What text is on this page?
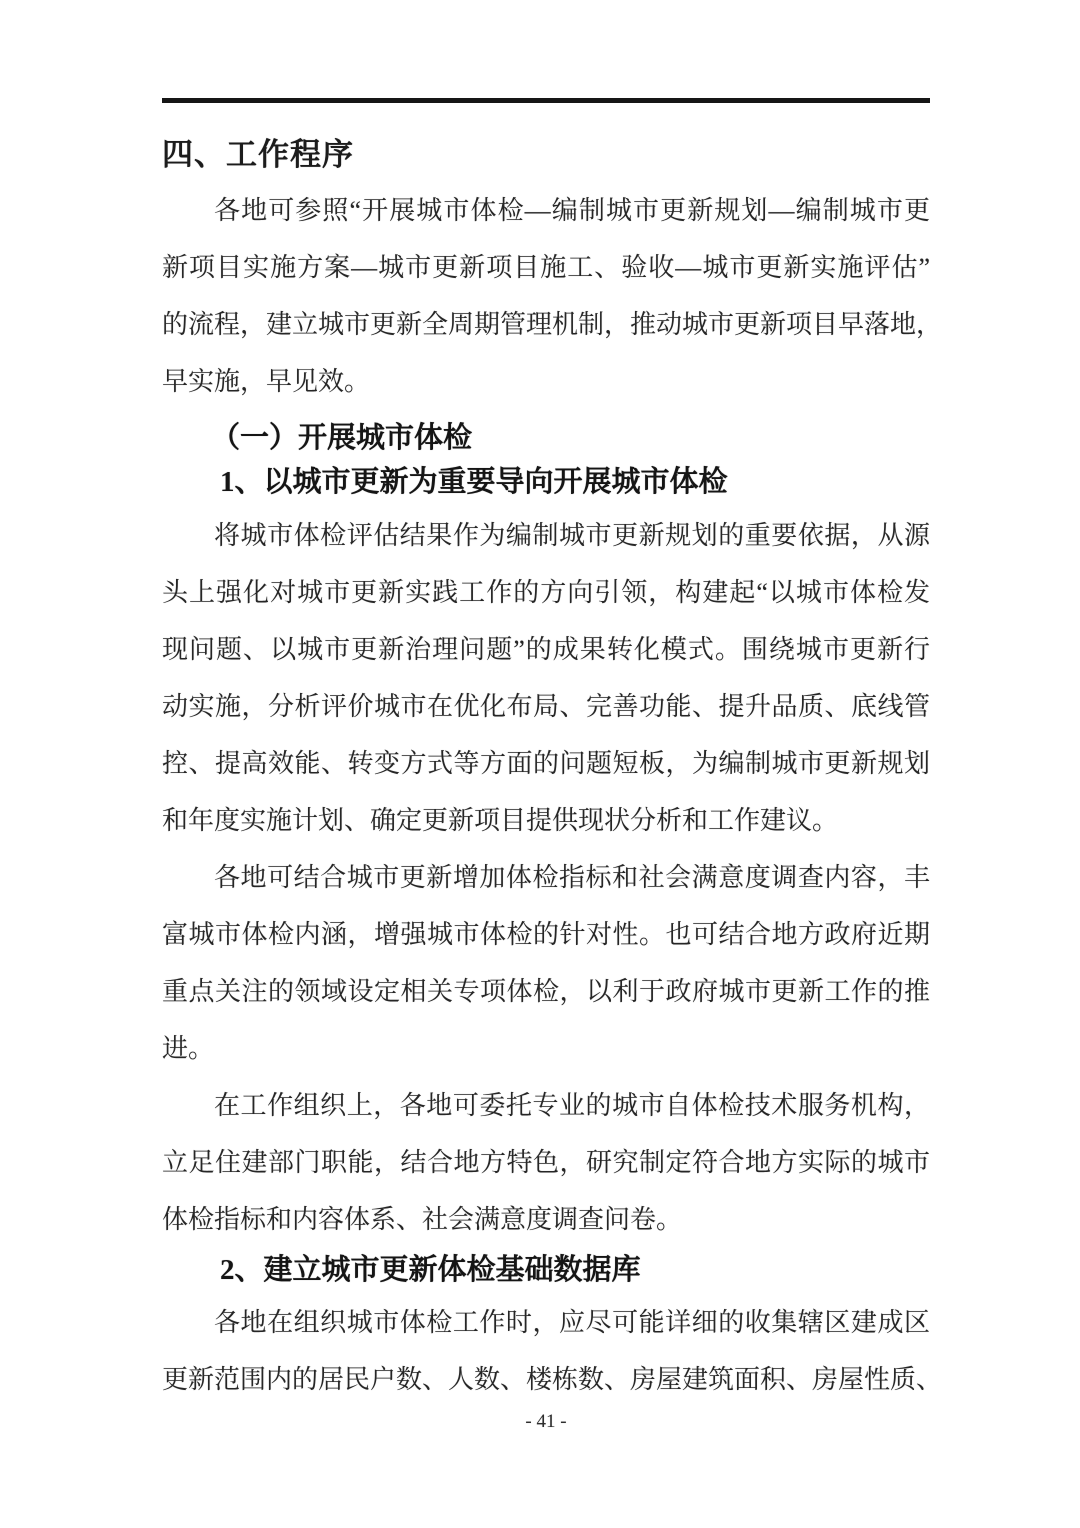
四、工作程序
各地可参照“开展城市体检—编制城市更新规划—编制城市更
新项目实施方案—城市更新项目施工、验收—城市更新实施评估”
的流程，建立城市更新全周期管理机制，推动城市更新项目早落地，
早实施，早见效。
（一）开展城市体检
1、以城市更新为重要导向开展城市体检
将城市体检评估结果作为编制城市更新规划的重要依据，从源
头上强化对城市更新实践工作的方向引领，构建起“以城市体检发
现问题、以城市更新治理问题”的成果转化模式。围绕城市更新行
动实施，分析评价城市在优化布局、完善功能、提升品质、底线管
控、提高效能、转变方式等方面的问题短板，为编制城市更新规划
和年度实施计划、确定更新项目提供现状分析和工作建议。
各地可结合城市更新增加体检指标和社会满意度调查内容，丰
富城市体检内涵，增强城市体检的针对性。也可结合地方政府近期
重点关注的领域设定相关专项体检，以利于政府城市更新工作的推
进。
在工作组织上，各地可委托专业的城市自体检技术服务机构，
立足住建部门职能，结合地方特色，研究制定符合地方实际的城市
体检指标和内容体系、社会满意度调查问卷。
2、建立城市更新体检基础数据库
各地在组织城市体检工作时，应尽可能详细的收集辖区建成区
更新范围内的居民户数、人数、楼栋数、房屋建筑面积、房屋性质、
- 41 -
